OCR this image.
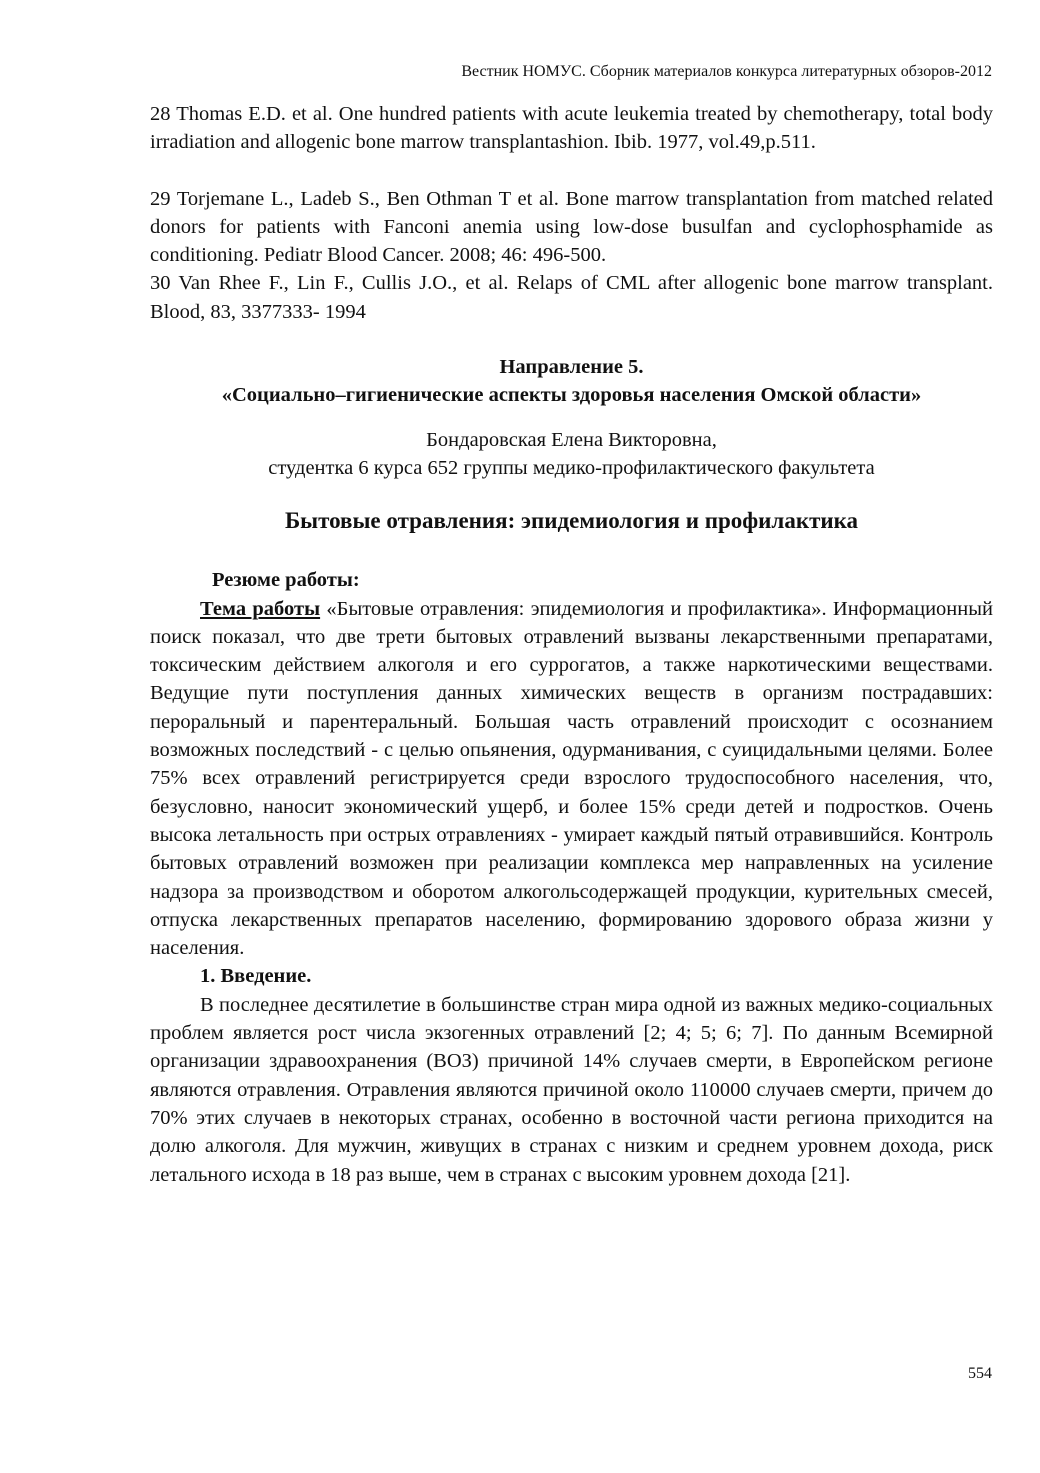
Вестник НОМУС. Сборник материалов конкурса литературных обзоров-2012

28 Thomas E.D. et al. One hundred patients with acute leukemia treated by chemotherapy, total body irradiation and allogenic bone marrow transplantashion. Ibib. 1977, vol.49,p.511.

29 Torjemane L., Ladeb S., Ben Othman T et al. Bone marrow transplantation from matched related donors for patients with Fanconi anemia using low-dose busulfan and cyclophosphamide as conditioning. Pediatr Blood Cancer. 2008; 46: 496-500.

30 Van Rhee F., Lin F., Cullis J.O., et al. Relaps of CML after allogenic bone marrow transplant. Blood, 83, 3377333- 1994

Направление 5.

«Социально–гигиенические аспекты здоровья населения Омской области»

Бондаровская Елена Викторовна,

студентка 6 курса 652 группы медико-профилактического факультета

Бытовые отравления: эпидемиология и профилактика

Резюме работы:

Тема работы «Бытовые отравления: эпидемиология и профилактика». Информационный поиск показал, что две трети бытовых отравлений вызваны лекарственными препаратами, токсическим действием алкоголя и его суррогатов, а также наркотическими веществами. Ведущие пути поступления данных химических веществ в организм пострадавших: пероральный и парентеральный. Большая часть отравлений происходит с осознанием возможных последствий - с целью опьянения, одурманивания, с суицидальными целями. Более 75% всех отравлений регистрируется среди взрослого трудоспособного населения, что, безусловно, наносит экономический ущерб, и более 15% среди детей и подростков. Очень высока летальность при острых отравлениях - умирает каждый пятый отравившийся. Контроль бытовых отравлений возможен при реализации комплекса мер направленных на усиление надзора за производством и оборотом алкогольсодержащей продукции, курительных смесей, отпуска лекарственных препаратов населению, формированию здорового образа жизни у населения.

1. Введение.

В последнее десятилетие в большинстве стран мира одной из важных медико-социальных проблем является рост числа экзогенных отравлений [2; 4; 5; 6; 7]. По данным Всемирной организации здравоохранения (ВОЗ) причиной 14% случаев смерти, в Европейском регионе являются отравления. Отравления являются причиной около 110000 случаев смерти, причем до 70% этих случаев в некоторых странах, особенно в восточной части региона приходится на долю алкоголя. Для мужчин, живущих в странах с низким и среднем уровнем дохода, риск летального исхода в 18 раз выше, чем в странах с высоким уровнем дохода [21].

554
